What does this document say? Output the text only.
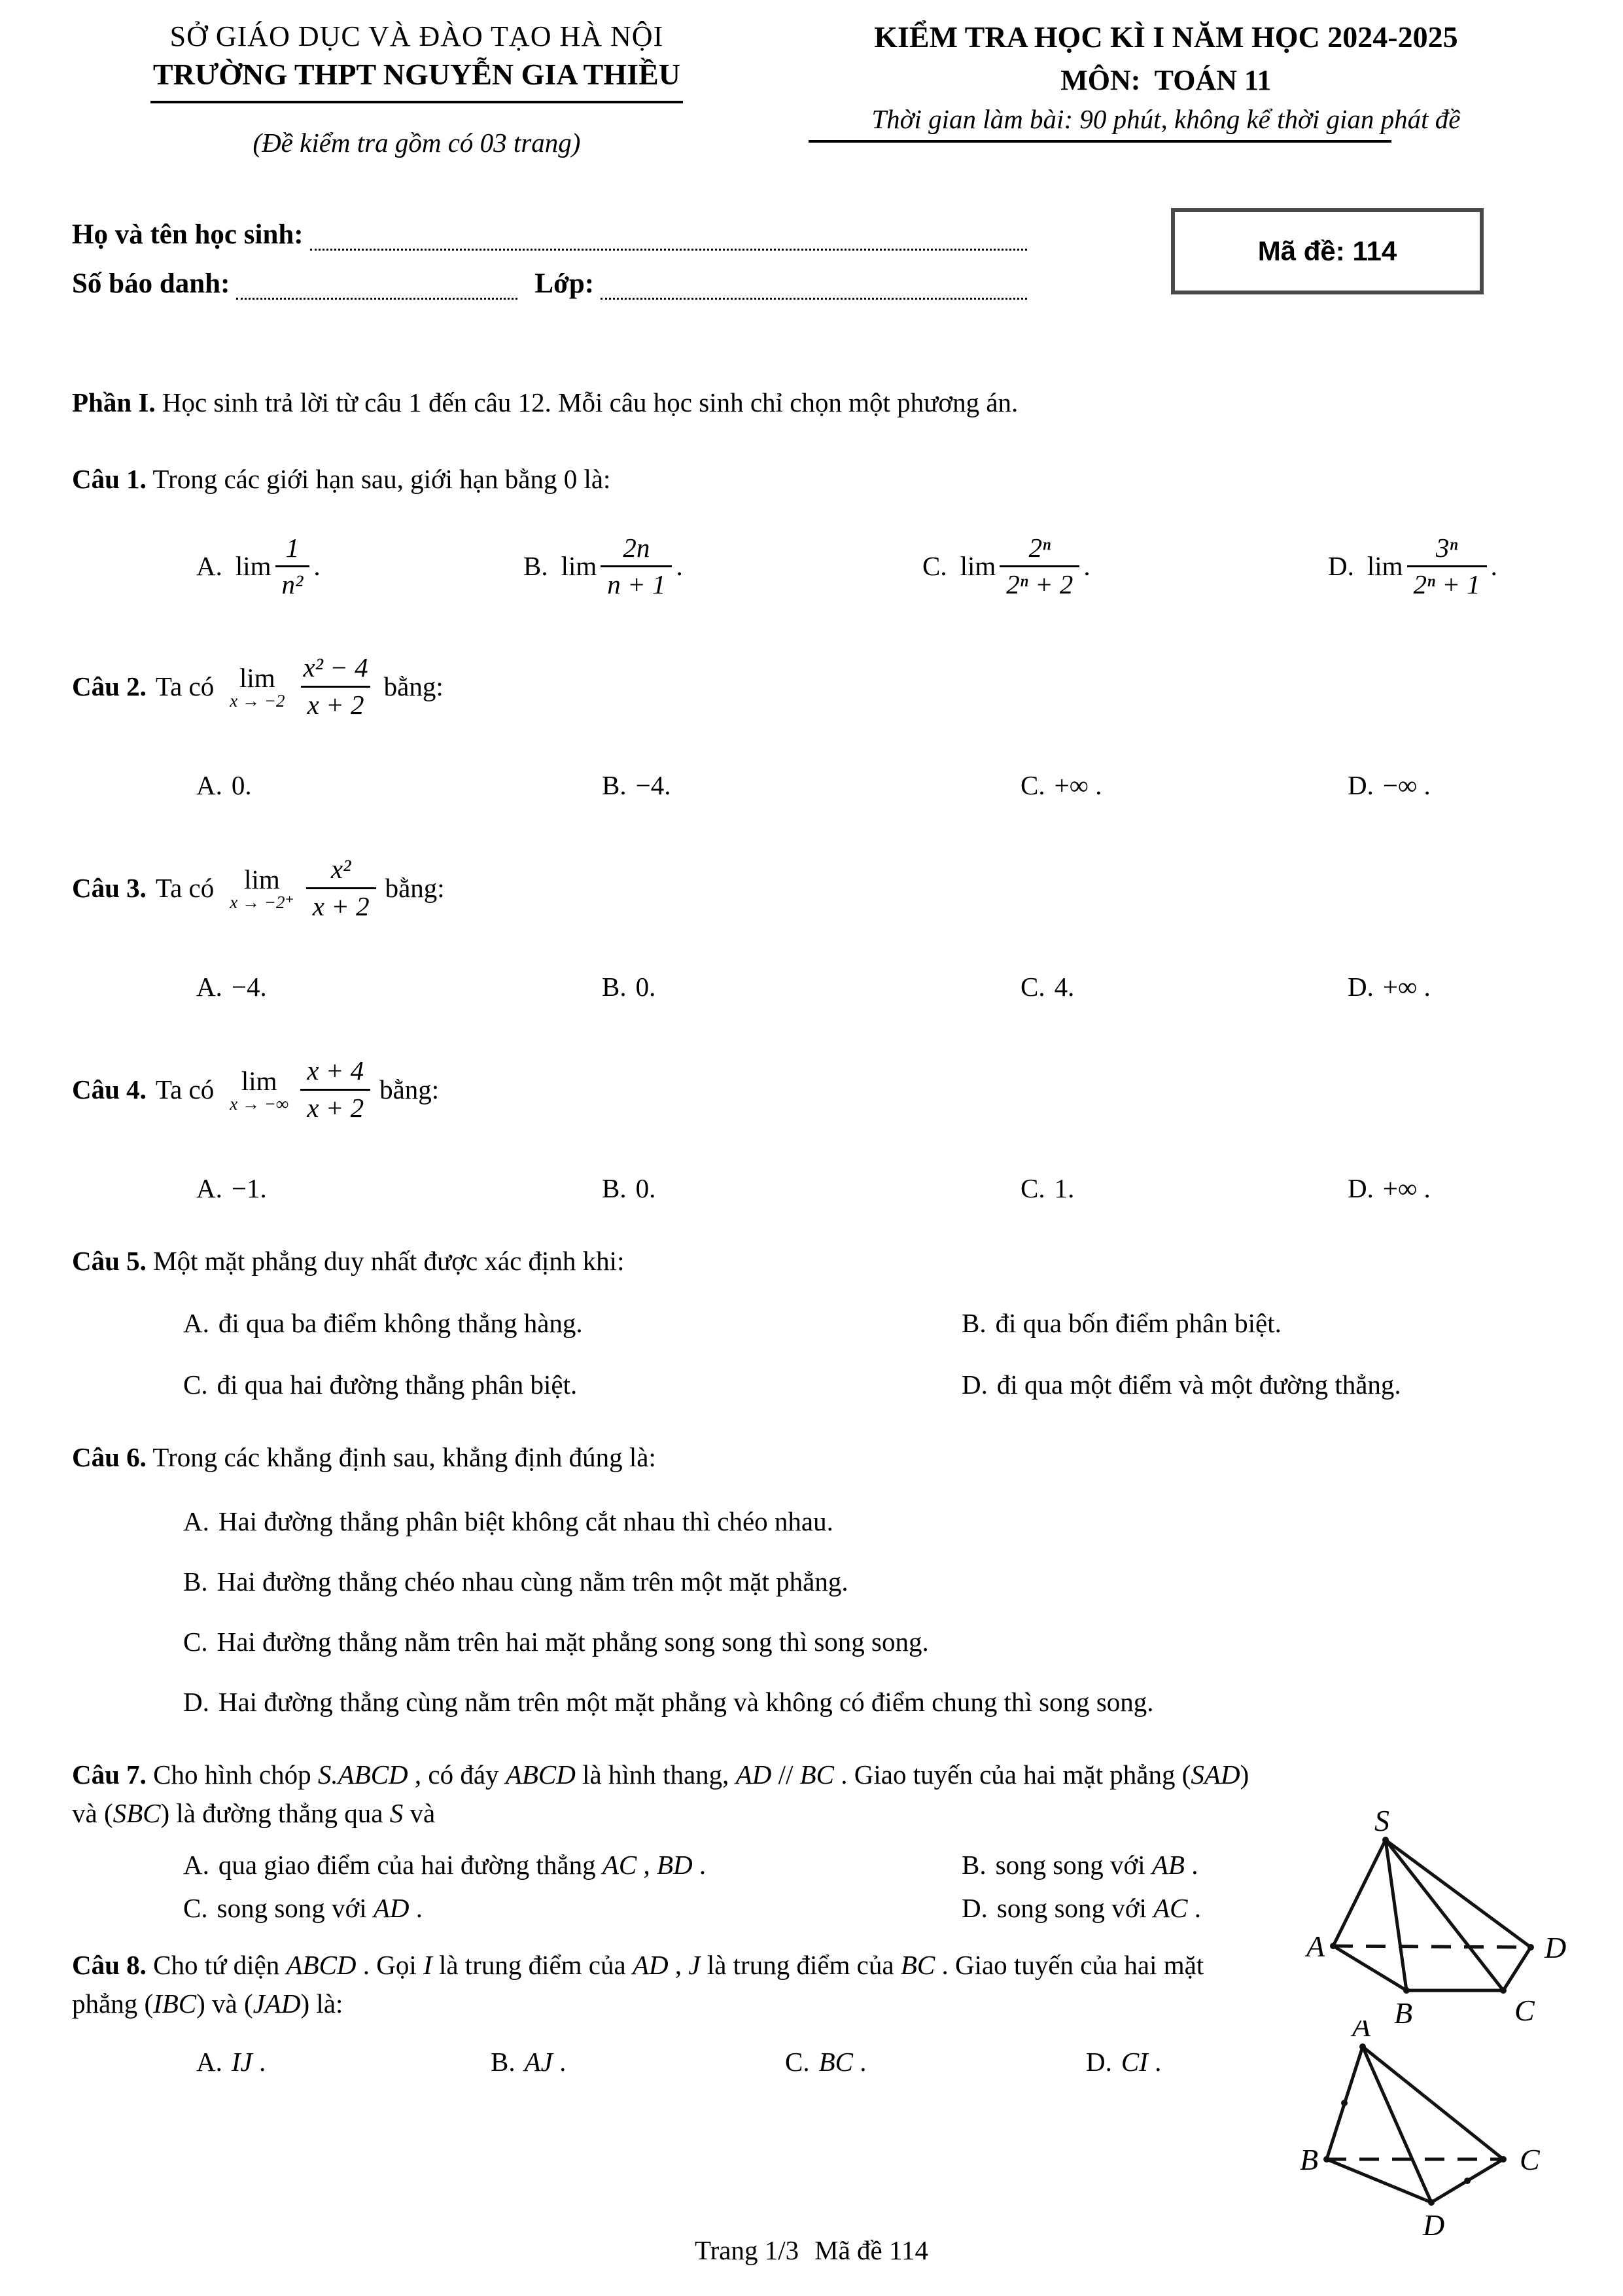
SỞ GIÁO DỤC VÀ ĐÀO TẠO HÀ NỘI
TRƯỜNG THPT NGUYỄN GIA THIỀU
(Đề kiểm tra gồm có 03 trang)
KIỂM TRA HỌC KÌ I NĂM HỌC 2024-2025
MÔN:  TOÁN 11
Thời gian làm bài: 90 phút, không kể thời gian phát đề
Họ và tên học sinh:
Số báo danh:	Lớp:
Mã đề: 114
Phần I. Học sinh trả lời từ câu 1 đến câu 12. Mỗi câu học sinh chỉ chọn một phương án.
Câu 1. Trong các giới hạn sau, giới hạn bằng 0 là:
A. $\lim \frac{1}{\text{n²}}$ .	B. $\lim \frac{2n}{n + 1}$ .	C. $\lim \frac{\text{2ⁿ}}{\text{2ⁿ + 2}}$ .	D. $\lim \frac{\text{3ⁿ}}{\text{2ⁿ + 1}}$ .
Câu 2. Ta có lim
$x \to -2 \frac{\text{x² − 4}}{x + 2}$ bằng:
A. 0.	B. −4.	C. +∞ .	D. −∞ .
Câu 3. Ta có lim
$x \to -2^+ \frac{\text{x²}}{x + 2}$ bằng:
A. −4.	B. 0.	C. 4.	D. +∞ .
Câu 4. Ta có lim
x → −∞ $\frac{x + 4}{x + 2}$ bằng:
A. −1.	B. 0.	C. 1.	D. +∞ .
Câu 5. Một mặt phẳng duy nhất được xác định khi:
A. đi qua ba điểm không thẳng hàng.	B. đi qua bốn điểm phân biệt.
C. đi qua hai đường thẳng phân biệt.	D. đi qua một điểm và một đường thẳng.
Câu 6. Trong các khẳng định sau, khẳng định đúng là:
A. Hai đường thẳng phân biệt không cắt nhau thì chéo nhau.
B. Hai đường thẳng chéo nhau cùng nằm trên một mặt phẳng.
C. Hai đường thẳng nằm trên hai mặt phẳng song song thì song song.
D. Hai đường thẳng cùng nằm trên một mặt phẳng và không có điểm chung thì song song.
Câu 7. Cho hình chóp S.ABCD , có đáy ABCD là hình thang, AD // BC . Giao tuyến của hai mặt phẳng (SAD) và (SBC) là đường thẳng qua S và
A. qua giao điểm của hai đường thẳng AC , BD .	B. song song với AB .
C. song song với AD .	D. song song với AC .
Câu 8. Cho tứ diện ABCD . Gọi I là trung điểm của AD , J là trung điểm của BC . Giao tuyến của hai mặt phẳng (IBC) và (JAD) là:
A. IJ .	B. AJ .	C. BC .	D. CI .
S
A
B	C
D
A
B
D
C
Trang 1/3 Mã đề 114
